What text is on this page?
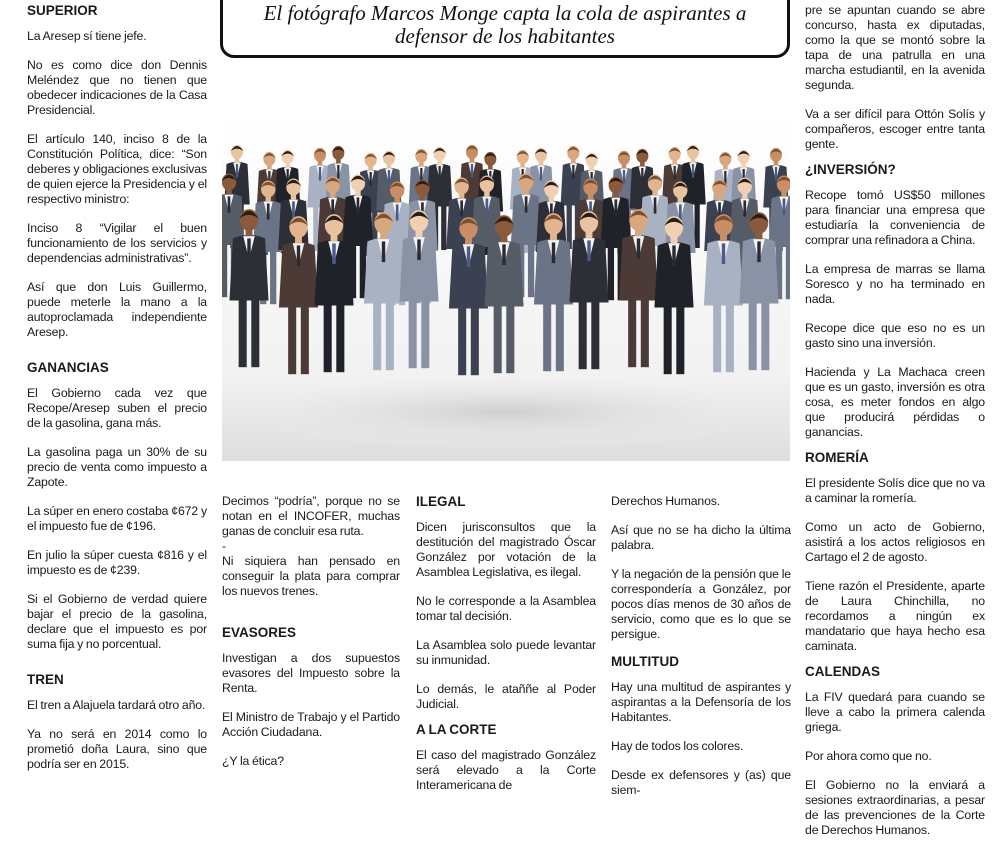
El fotógrafo Marcos Monge capta la cola de aspirantes a defensor de los habitantes
SUPERIOR

La Aresep sí tiene jefe.

No es como dice don Dennis Meléndez que no tienen que obedecer indicaciones de la Casa Presidencial.

El artículo 140, inciso 8 de la Constitución Política, dice: “Son deberes y obligaciones exclusivas de quien ejerce la Presidencia y el respectivo ministro:

Inciso 8 “Vigilar el buen funcionamiento de los servicios y dependencias administrativas”.

Así que don Luis Guillermo, puede meterle la mano a la autoproclamada independiente Aresep.

GANANCIAS

El Gobierno cada vez que Recope/Aresep suben el precio de la gasolina, gana más.

La gasolina paga un 30% de su precio de venta como impuesto a Zapote.

La súper en enero costaba ¢672 y el impuesto fue de ¢196.

En julio la súper cuesta ¢816 y el impuesto es de ¢239.

Si el Gobierno de verdad quiere bajar el precio de la gasolina, declare que el impuesto es por suma fija y no porcentual.

TREN

El tren a Alajuela tardará otro año.

Ya no será en 2014 como lo prometió doña Laura, sino que podría ser en 2015.

Decimos “podría”, porque no se notan en el INCOFER, muchas ganas de concluir esa ruta.

-

Ni siquiera han pensado en conseguir la plata para comprar los nuevos trenes.

EVASORES

Investigan a dos supuestos evasores del Impuesto sobre la Renta.

El Ministro de Trabajo y el Partido Acción Ciudadana.

¿Y la ética?

ILEGAL

Dicen jurisconsultos que la destitución del magistrado Óscar González por votación de la Asamblea Legislativa, es ilegal.

No le corresponde a la Asamblea tomar tal decisión.

La Asamblea solo puede levantar su inmunidad.

Lo demás, le ataññe al Poder Judicial.

A LA CORTE

El caso del magistrado González será elevado a la Corte Interamericana de

Derechos Humanos.

Así que no se ha dicho la última palabra.

Y la negación de la pensión que le correspondería a González, por pocos días menos de 30 años de servicio, como que es lo que se persigue.

MULTITUD

Hay una multitud de aspirantes y aspirantas a la Defensoría de los Habitantes.

Hay de todos los colores.

Desde ex defensores y (as) que siem-

pre se apuntan cuando se abre concurso, hasta ex diputadas, como la que se montó sobre la tapa de una patrulla en una marcha estudiantil, en la avenida segunda.

Va a ser difícil para Ottón Solís y compañeros, escoger entre tanta gente.

¿INVERSIÓN?

Recope tomó US$50 millones para financiar una empresa que estudiaría la conveniencia de comprar una refinadora a China.

La empresa de marras se llama Soresco y no ha terminado en nada.

Recope dice que eso no es un gasto sino una inversión.

Hacienda y La Machaca creen que es un gasto, inversión es otra cosa, es meter fondos en algo que producirá pérdidas o ganancias.

ROMERÍA

El presidente Solís dice que no va a caminar la romería.

Como un acto de Gobierno, asistirá a los actos religiosos en Cartago el 2 de agosto.

Tiene razón el Presidente, aparte de Laura Chinchilla, no recordamos a ningún ex mandatario que haya hecho esa caminata.

CALENDAS

La FIV quedará para cuando se lleve a cabo la primera calenda griega.

Por ahora como que no.

El Gobierno no la enviará a sesiones extraordinarias, a pesar de las prevenciones de la Corte de Derechos Humanos.
